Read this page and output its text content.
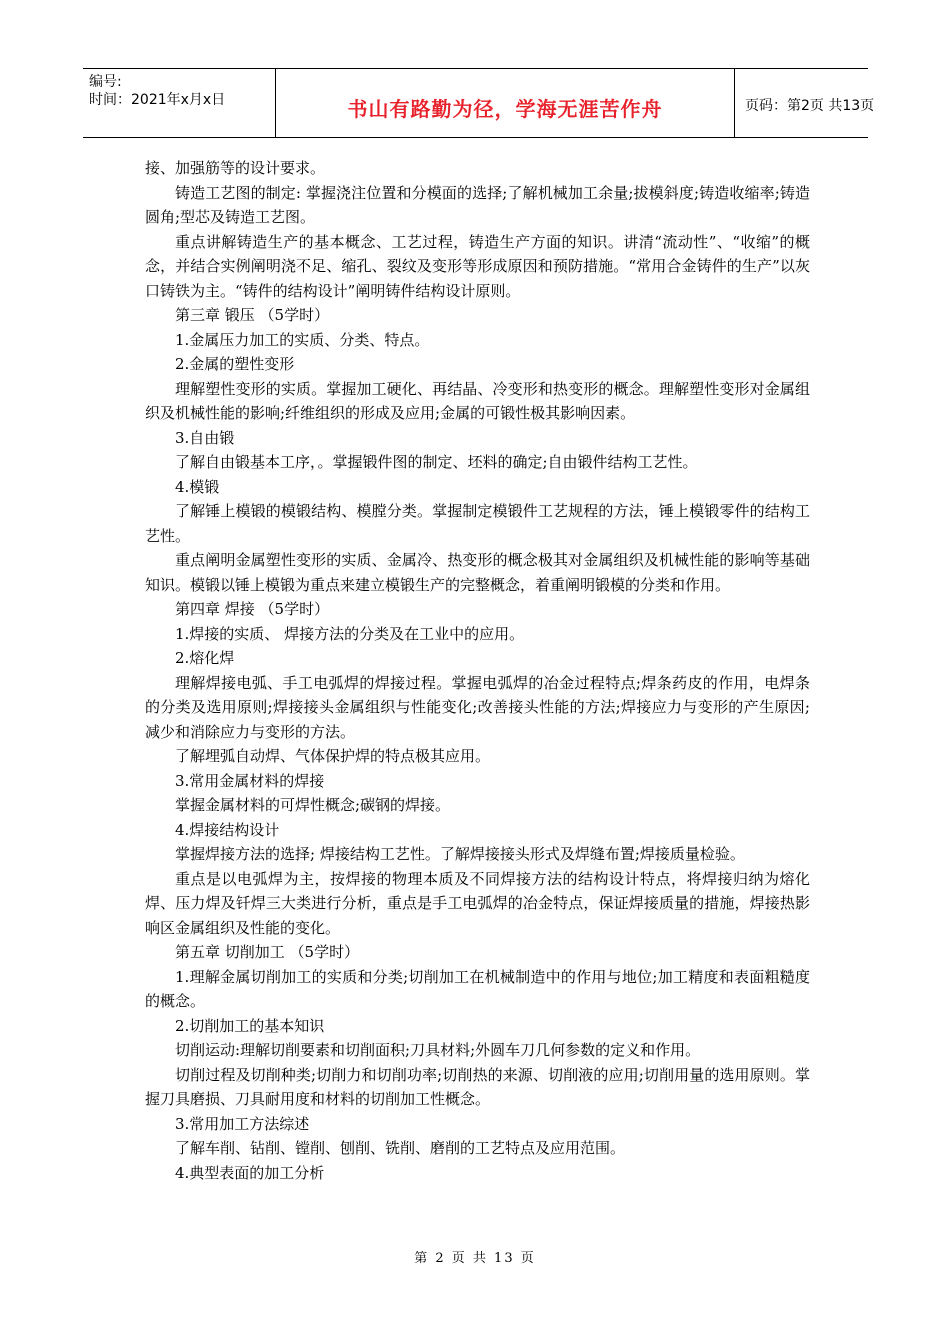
编号:
时间：2021年x月x日	书山有路勤为径，学海无涯苦作舟	页码：第2页 共13页

接、加强筋等的设计要求。

铸造工艺图的制定: 掌握浇注位置和分模面的选择;了解机械加工余量;拔模斜度;铸造收缩率;铸造圆角;型芯及铸造工艺图。

重点讲解铸造生产的基本概念、工艺过程，铸造生产方面的知识。讲清“流动性”、“收缩”的概念，并结合实例阐明浇不足、缩孔、裂纹及变形等形成原因和预防措施。“常用合金铸件的生产”以灰口铸铁为主。“铸件的结构设计”阐明铸件结构设计原则。

第三章 锻压 （5学时）

1.金属压力加工的实质、分类、特点。

2.金属的塑性变形

理解塑性变形的实质。掌握加工硬化、再结晶、冷变形和热变形的概念。理解塑性变形对金属组织及机械性能的影响;纤维组织的形成及应用;金属的可锻性极其影响因素。

3.自由锻

了解自由锻基本工序，。掌握锻件图的制定、坯料的确定;自由锻件结构工艺性。

4.模锻

了解锤上模锻的模锻结构、模膛分类。掌握制定模锻件工艺规程的方法，锤上模锻零件的结构工艺性。

重点阐明金属塑性变形的实质、金属冷、热变形的概念极其对金属组织及机械性能的影响等基础知识。模锻以锤上模锻为重点来建立模锻生产的完整概念，着重阐明锻模的分类和作用。

第四章 焊接 （5学时）

1.焊接的实质、 焊接方法的分类及在工业中的应用。

2.熔化焊

理解焊接电弧、手工电弧焊的焊接过程。掌握电弧焊的冶金过程特点;焊条药皮的作用，电焊条的分类及选用原则;焊接接头金属组织与性能变化;改善接头性能的方法;焊接应力与变形的产生原因;减少和消除应力与变形的方法。

了解埋弧自动焊、气体保护焊的特点极其应用。

3.常用金属材料的焊接

掌握金属材料的可焊性概念;碳钢的焊接。

4.焊接结构设计

掌握焊接方法的选择; 焊接结构工艺性。了解焊接接头形式及焊缝布置;焊接质量检验。

重点是以电弧焊为主，按焊接的物理本质及不同焊接方法的结构设计特点，将焊接归纳为熔化焊、压力焊及钎焊三大类进行分析，重点是手工电弧焊的冶金特点，保证焊接质量的措施，焊接热影响区金属组织及性能的变化。

第五章 切削加工 （5学时）

1.理解金属切削加工的实质和分类;切削加工在机械制造中的作用与地位;加工精度和表面粗糙度的概念。

2.切削加工的基本知识

切削运动:理解切削要素和切削面积;刀具材料;外圆车刀几何参数的定义和作用。

切削过程及切削种类;切削力和切削功率;切削热的来源、切削液的应用;切削用量的选用原则。掌握刀具磨损、刀具耐用度和材料的切削加工性概念。

3.常用加工方法综述

了解车削、钻削、镗削、刨削、铣削、磨削的工艺特点及应用范围。

4.典型表面的加工分析

第 2 页 共 13 页
